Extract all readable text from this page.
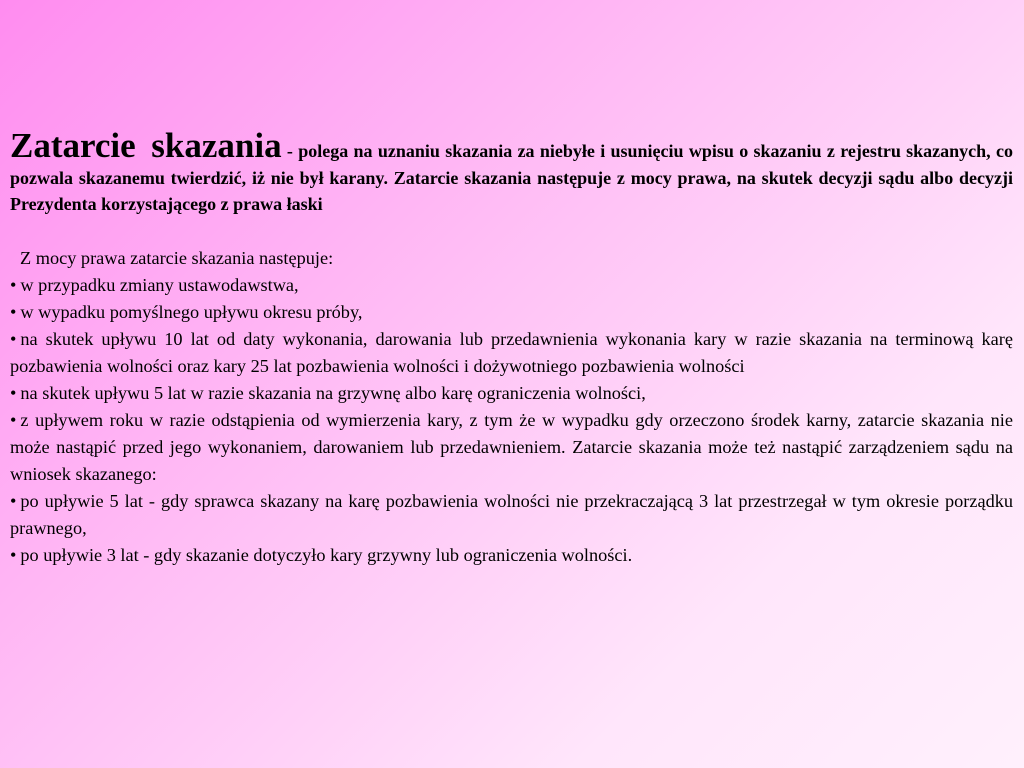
Zatarcie skazania - polega na uznaniu skazania za niebyłe i usunięciu wpisu o skazaniu z rejestru skazanych, co pozwala skazanemu twierdzić, iż nie był karany. Zatarcie skazania następuje z mocy prawa, na skutek decyzji sądu albo decyzji Prezydenta korzystającego z prawa łaski

Z mocy prawa zatarcie skazania następuje:

• w przypadku zmiany ustawodawstwa,
• w wypadku pomyślnego upływu okresu próby,
• na skutek upływu 10 lat od daty wykonania, darowania lub przedawnienia wykonania kary w razie skazania na terminową karę pozbawienia wolności oraz kary 25 lat pozbawienia wolności i dożywotniego pozbawienia wolności
• na skutek upływu 5 lat w razie skazania na grzywnę albo karę ograniczenia wolności,
• z upływem roku w razie odstąpienia od wymierzenia kary, z tym że w wypadku gdy orzeczono środek karny, zatarcie skazania nie może nastąpić przed jego wykonaniem, darowaniem lub przedawnieniem. Zatarcie skazania może też nastąpić zarządzeniem sądu na wniosek skazanego:
• po upływie 5 lat - gdy sprawca skazany na karę pozbawienia wolności nie przekraczającą 3 lat przestrzegał w tym okresie porządku prawnego,
• po upływie 3 lat - gdy skazanie dotyczyło kary grzywny lub ograniczenia wolności.
